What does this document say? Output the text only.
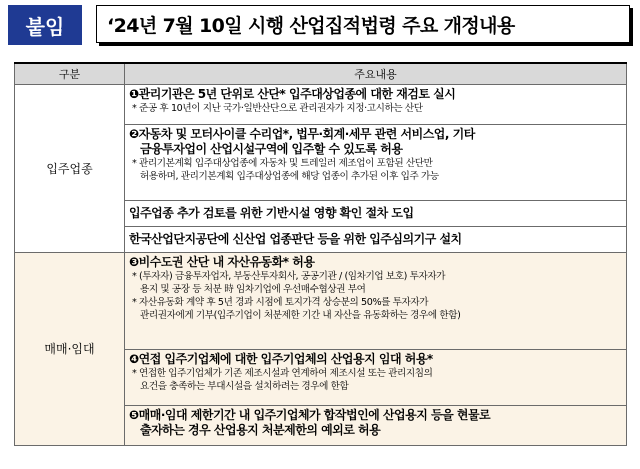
붙임	‘24년 7월 10일 시행 산업집적법령 주요 개정내용
구분	주요내용
입주업종	❶관리기관은 5년 단위로 산단* 입주대상업종에 대한 재검토 실시
* 준공 후 10년이 지난 국가·일반산단으로 관리권자가 지정·고시하는 산단

	❷자동차 및 모터사이클 수리업*, 법무·회계·세무 관련 서비스업, 기타
금융투자업이 산업시설구역에 입주할 수 있도록 허용
* 관리기본계획 입주대상업종에 자동차 및 트레일러 제조업이 포함된 산단만
허용하며, 관리기본계획 입주대상업종에 해당 업종이 추가된 이후 입주 가능

	입주업종 추가 검토를 위한 기반시설 영향 확인 절차 도입

	한국산업단지공단에 신산업 업종판단 등을 위한 입주심의기구 설치

매매·임대	❸비수도권 산단 내 자산유동화* 허용
* (투자자) 금융투자업자, 부동산투자회사, 공공기관 / (임차기업 보호) 투자자가
용지 및 공장 등 처분 時 임차기업에 우선매수협상권 부여
* 자산유동화 계약 후 5년 경과 시점에 토지가격 상승분의 50%를 투자자가
관리권자에게 기부(입주기업이 처분제한 기간 내 자산을 유동화하는 경우에 한함)

	❹연접 입주기업체에 대한 입주기업체의 산업용지 임대 허용*
* 연접한 입주기업체가 기존 제조시설과 연계하여 제조시설 또는 관리지침의
요건을 충족하는 부대시설을 설치하려는 경우에 한함

	❺매매·임대 제한기간 내 입주기업체가 합작법인에 산업용지 등을 현물로
출자하는 경우 산업용지 처분제한의 예외로 허용
